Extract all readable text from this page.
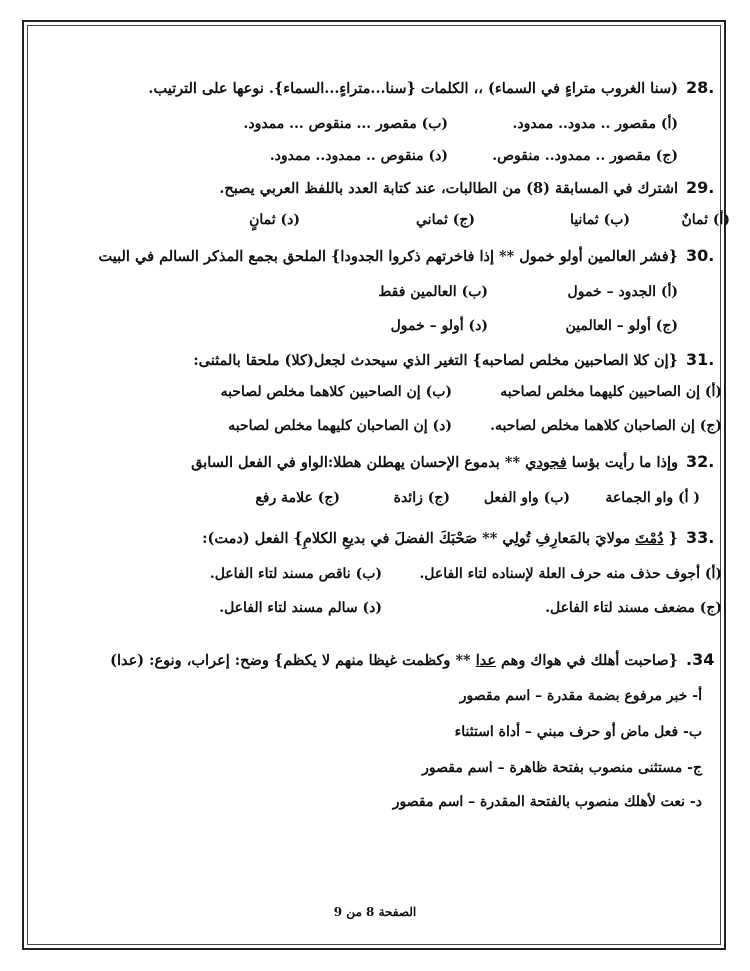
28.
(سنا الغروب متراءٍ في السماء) ،، الكلمات {سنا...متراءٍ...السماء}. نوعها على الترتيب.
(أ) مقصور .. مدود.. ممدود.
(ب) مقصور ... منقوص ... ممدود.
(ج) مقصور .. ممدود.. منقوص.
(د) منقوص .. ممدود.. ممدود.
29.
اشترك في المسابقة (8) من الطالبات، عند كتابة العدد باللفظ العربي يصبح.
(أ) ثمانٌ
(ب) ثمانيا
(ج) ثماني
(د) ثمانٍ
30.
{فشر العالمين أولو خمول ** إذا فاخرتهم ذكروا الجدودا} الملحق بجمع المذكر السالم في البيت
(أ) الجدود – خمول
(ب) العالمين فقط
(ج) أولو – العالمين
(د) أولو – خمول
31.
{إن كلا الصاحبين مخلص لصاحبه} التغير الذي سيحدث لجعل(كلا) ملحقا بالمثنى:
(أ) إن الصاحبين كليهما مخلص لصاحبه
(ب) إن الصاحبين كلاهما مخلص لصاحبه
(ج) إن الصاحبان كلاهما مخلص لصاحبه.
(د) إن الصاحبان كليهما مخلص لصاحبه
32.
وإذا ما رأيت بؤسا فجودي ** بدموع الإحسان يهطلن هطلا:الواو في الفعل السابق
( أ) واو الجماعة
(ب) واو الفعل
(ج) زائدة
(ج) علامة رفع
33.
{ دُمْتَ مولايَ بالمَعارِفِ تُولِي ** صَحْبَكَ الفضلَ في بديعِ الكلامِ} الفعل (دمت):
(أ) أجوف حذف منه حرف العلة لإسناده لتاء الفاعل.
(ب) ناقص مسند لتاء الفاعل.
(ج) مضعف مسند لتاء الفاعل.
(د) سالم مسند لتاء الفاعل.
.34
{صاحبت أهلك في هواك وهم عدا ** وكظمت غيظا منهم لا يكظم} وضح: إعراب، ونوع: (عدا)
أ- خبر مرفوع بضمة مقدرة – اسم مقصور
ب- فعل ماض أو حرف مبني – أداة استثناء
ج- مستثنى منصوب بفتحة ظاهرة – اسم مقصور
د- نعت لأهلك منصوب بالفتحة المقدرة – اسم مقصور
الصفحة 8 من 9
